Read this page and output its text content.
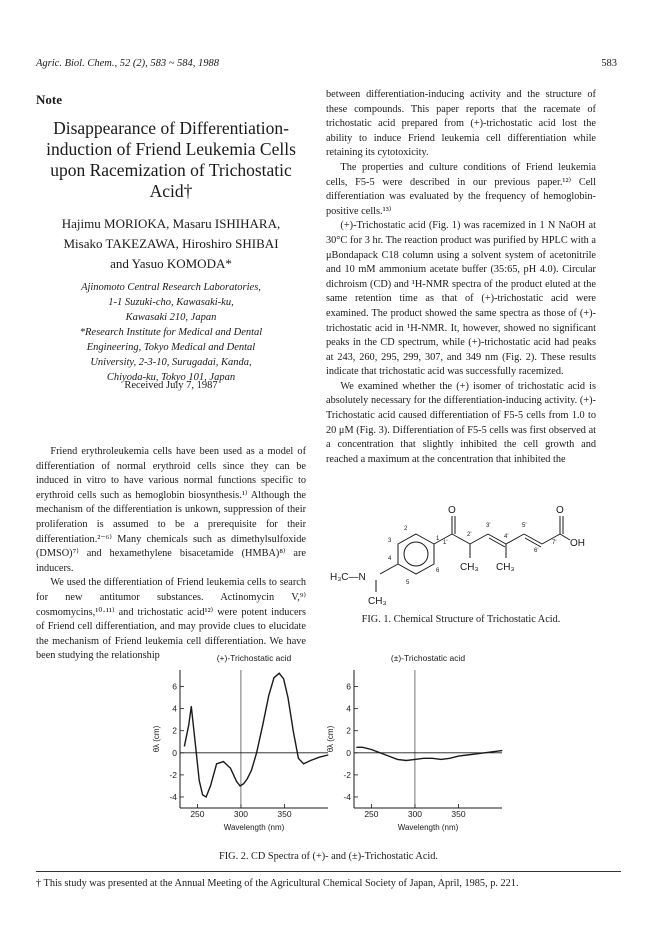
Agric. Biol. Chem., 52 (2), 583 ~ 584, 1988	583
Note
Disappearance of Differentiation-induction of Friend Leukemia Cells upon Racemization of Trichostatic Acid†
Hajimu MORIOKA, Masaru ISHIHARA,
Misako TAKEZAWA, Hiroshiro SHIBAI
and Yasuo KOMODA*
Ajinomoto Central Research Laboratories,
1-1 Suzuki-cho, Kawasaki-ku,
Kawasaki 210, Japan
*Research Institute for Medical and Dental
Engineering, Tokyo Medical and Dental
University, 2-3-10, Surugadai, Kanda,
Chiyoda-ku, Tokyo 101, Japan
Received July 7, 1987

Friend erythroleukemia cells have been used as a model of differentiation of normal erythroid cells since they can be induced in vitro to have various normal functions specific to erythroid cells such as hemoglobin biosynthesis.¹⁾ Although the mechanism of the differentiation is unkown, suppression of their proliferation is assumed to be a prerequisite for their differentiation.²⁻⁶⁾ Many chemicals such as dimethylsulfoxide (DMSO)⁷⁾ and hexamethylene bisacetamide (HMBA)⁸⁾ are inducers.

We used the differentiation of Friend leukemia cells to search for new antitumor substances. Actinomycin V,⁹⁾ cosmomycins,¹⁰·¹¹⁾ and trichostatic acid¹²⁾ were potent inducers of Friend cell differentiation, and may provide clues to elucidate the mechanism of Friend leukemia cell differentiation. We have been studying the relationship

between differentiation-inducing activity and the structure of these compounds. This paper reports that the racemate of trichostatic acid prepared from (+)-trichostatic acid lost the ability to induce Friend leukemia cell differentiation while retaining its cytotoxicity.

The properties and culture conditions of Friend leukemia cells, F5-5 were described in our previous paper.¹²⁾ Cell differentiation was evaluated by the frequency of hemoglobin-positive cells.¹³⁾

(+)-Trichostatic acid (Fig. 1) was racemized in 1 N NaOH at 30°C for 3 hr. The reaction product was purified by HPLC with a μBondapack C18 column using a solvent system of acetonitrile and 10 mM ammonium acetate buffer (35:65, pH 4.0). Circular dichroism (CD) and ¹H-NMR spectra of the product eluted at the same retention time as that of (+)-trichostatic acid were examined. The product showed the same spectra as those of (+)-trichostatic acid in ¹H-NMR. It, however, showed no significant peaks in the CD spectrum, while (+)-trichostatic acid had peaks at 243, 260, 295, 299, 307, and 349 nm (Fig. 2). These results indicate that trichostatic acid was successfully racemized.

We examined whether the (+) isomer of trichostatic acid is absolutely necessary for the differentiation-inducing activity. (+)-Trichostatic acid caused differentiation of F5-5 cells from 1.0 to 20 μM (Fig. 3). Differentiation of F5-5 cells was first observed at a concentration that slightly inhibited the cell growth and reached a maximum at the concentration that inhibited the

O	O
OH
CH₃ CH₃
H₃C—N
CH₃
1
2
3
4
5
6
1'
2'
3'
4'
5'
6'
7'
FIG. 1. Chemical Structure of Trichostatic Acid.
(+)-Trichostatic acid
6
4
2
0
-2
-4
250	300	350
Wavelength (nm)
θλ (cm)
(±)-Trichostatic acid
6
4
2
0
-2
-4
250	300	350
Wavelength (nm)
θλ (cm)
FIG. 2. CD Spectra of (+)- and (±)-Trichostatic Acid.
† This study was presented at the Annual Meeting of the Agricultural Chemical Society of Japan, April, 1985, p. 221.
